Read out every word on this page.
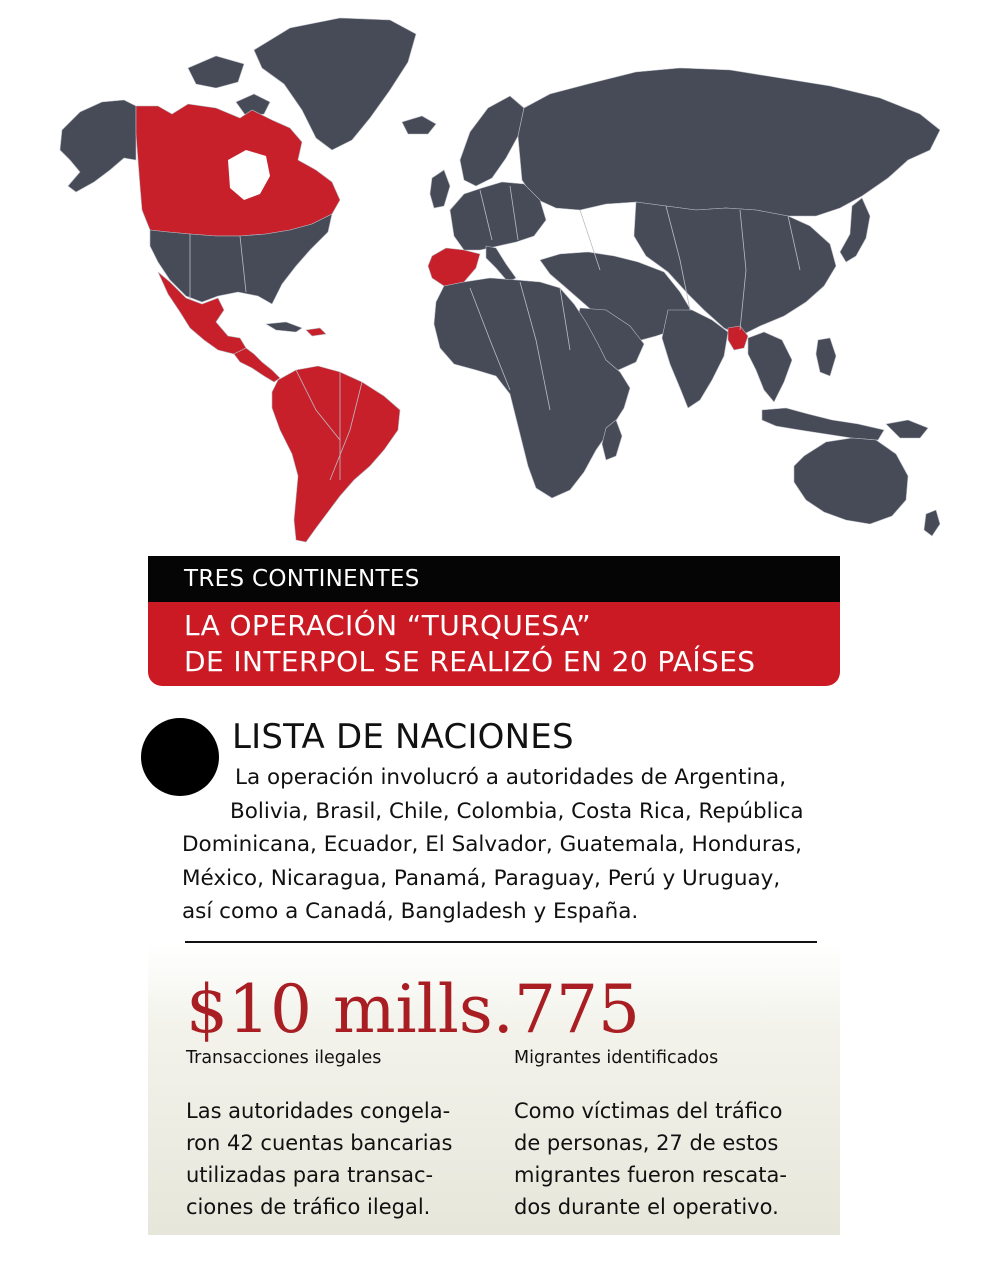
TRES CONTINENTES
LA OPERACIÓN “TURQUESA”
DE INTERPOL SE REALIZÓ EN 20 PAÍSES
LISTA DE NACIONES
La operación involucró a autoridades de Argentina,
Bolivia, Brasil, Chile, Colombia, Costa Rica, República
Dominicana, Ecuador, El Salvador, Guatemala, Honduras,
México, Nicaragua, Panamá, Paraguay, Perú y Uruguay,
así como a Canadá, Bangladesh y España.
$10 mills.
Transacciones ilegales
Las autoridades congela-
ron 42 cuentas bancarias
utilizadas para transac-
ciones de tráfico ilegal.
775
Migrantes identificados
Como víctimas del tráfico
de personas, 27 de estos
migrantes fueron rescata-
dos durante el operativo.
